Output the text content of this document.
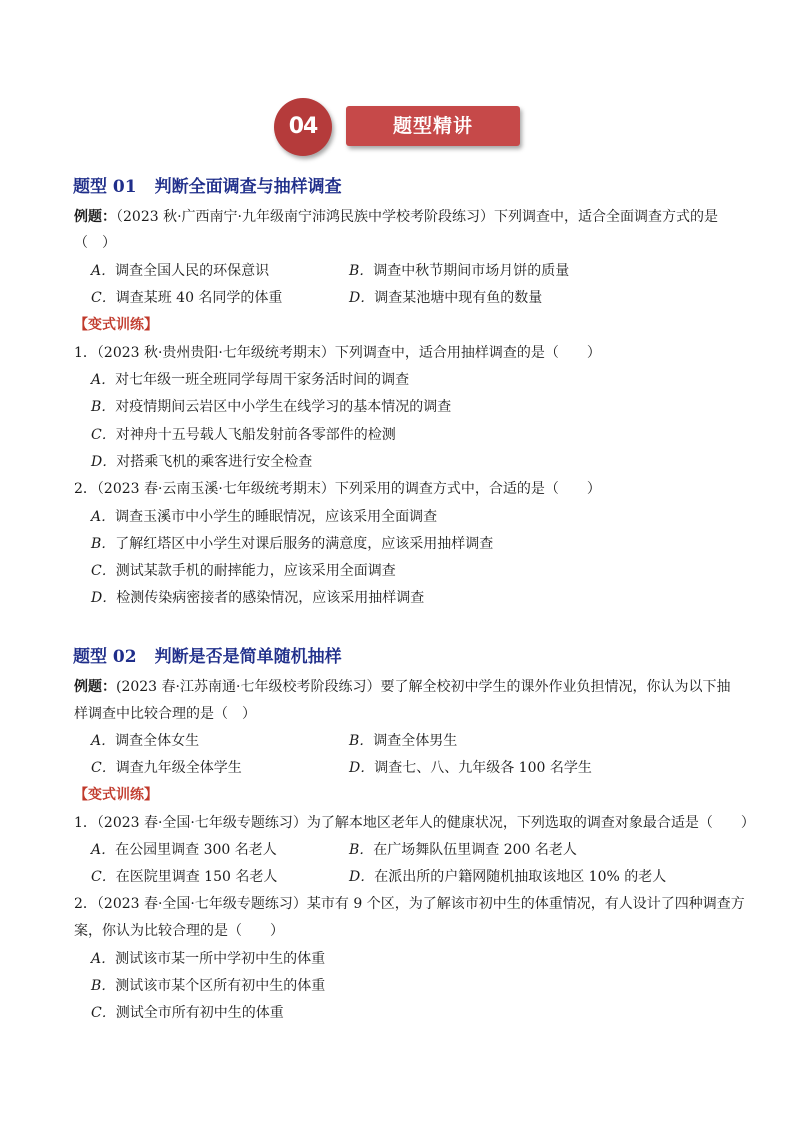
04	题型精讲
题型 01 判断全面调查与抽样调查
例题：（2023 秋·广西南宁·九年级南宁沛鸿民族中学校考阶段练习）下列调查中，适合全面调查方式的是
（　）
A．调查全国人民的环保意识	B．调查中秋节期间市场月饼的质量
C．调查某班 40 名同学的体重	D．调查某池塘中现有鱼的数量
【变式训练】
1．（2023 秋·贵州贵阳·七年级统考期末）下列调查中，适合用抽样调查的是（　　）
A．对七年级一班全班同学每周干家务活时间的调查
B．对疫情期间云岩区中小学生在线学习的基本情况的调查
C．对神舟十五号载人飞船发射前各零部件的检测
D．对搭乘飞机的乘客进行安全检查
2．（2023 春·云南玉溪·七年级统考期末）下列采用的调查方式中，合适的是（　　）
A．调查玉溪市中小学生的睡眠情况，应该采用全面调查
B．了解红塔区中小学生对课后服务的满意度，应该采用抽样调查
C．测试某款手机的耐摔能力，应该采用全面调查
D．检测传染病密接者的感染情况，应该采用抽样调查
题型 02 判断是否是简单随机抽样
例题：(2023 春·江苏南通·七年级校考阶段练习）要了解全校初中学生的课外作业负担情况，你认为以下抽
样调查中比较合理的是（　）
A．调查全体女生	B．调查全体男生
C．调查九年级全体学生	D．调查七、八、九年级各 100 名学生
【变式训练】
1．（2023 春·全国·七年级专题练习）为了解本地区老年人的健康状况，下列选取的调查对象最合适是（　　）
A．在公园里调查 300 名老人	B．在广场舞队伍里调查 200 名老人
C．在医院里调查 150 名老人	D．在派出所的户籍网随机抽取该地区 10% 的老人
2．（2023 春·全国·七年级专题练习）某市有 9 个区，为了解该市初中生的体重情况，有人设计了四种调查方
案，你认为比较合理的是（　　）
A．测试该市某一所中学初中生的体重
B．测试该市某个区所有初中生的体重
C．测试全市所有初中生的体重
